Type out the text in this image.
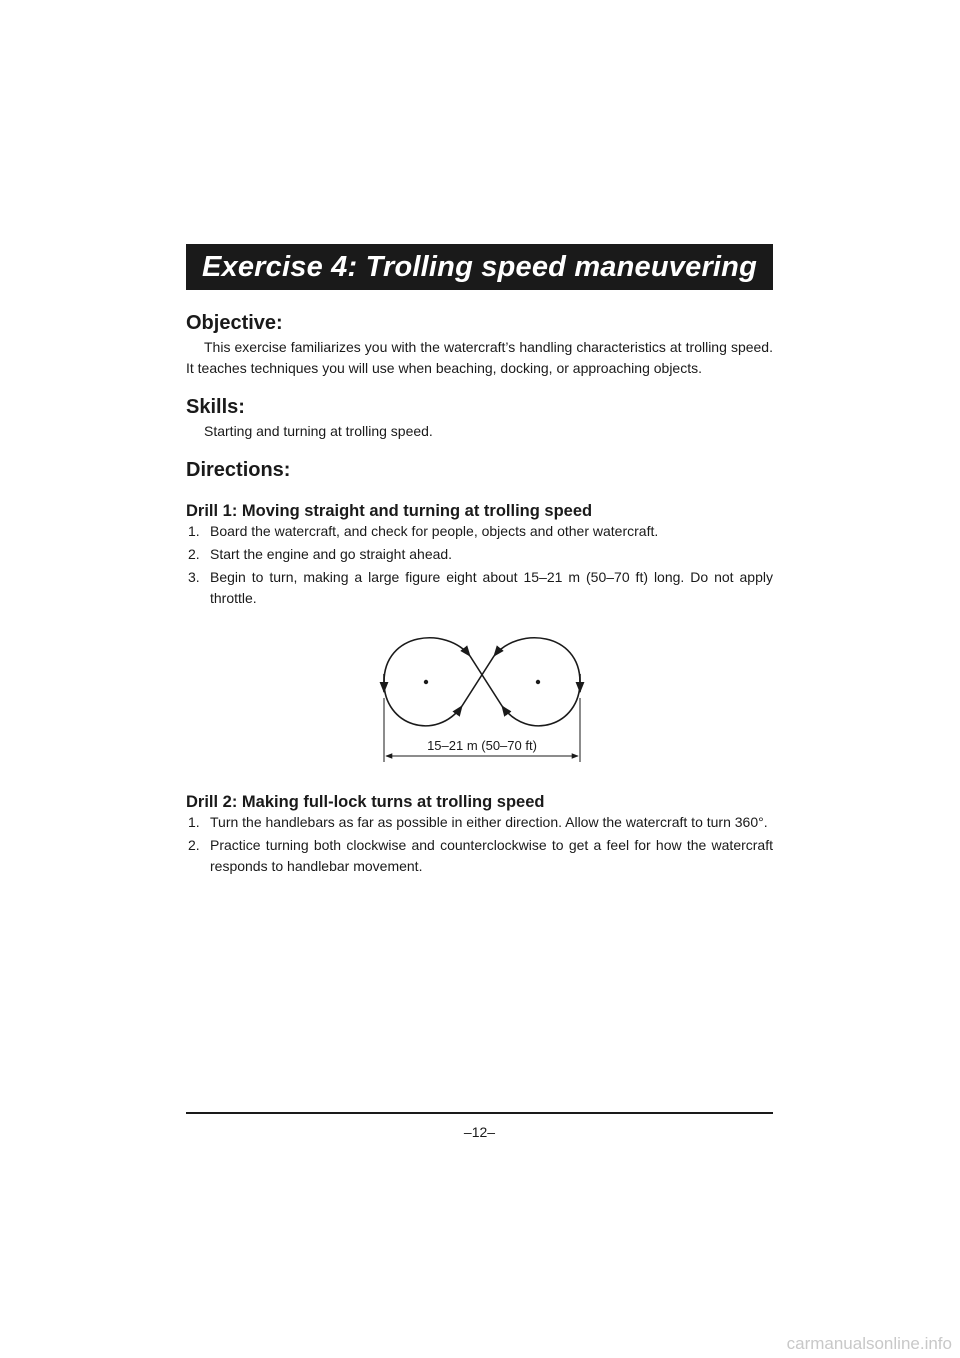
Exercise 4: Trolling speed maneuvering
Objective:

This exercise familiarizes you with the watercraft’s handling characteristics at trolling speed. It teaches techniques you will use when beaching, docking, or approaching objects.

Skills:

Starting and turning at trolling speed.

Directions:
Drill 1: Moving straight and turning at trolling speed
1. Board the watercraft, and check for people, objects and other watercraft.
2. Start the engine and go straight ahead.
3. Begin to turn, making a large figure eight about 15–21 m (50–70 ft) long. Do not apply throttle.
15–21 m (50–70 ft)
Drill 2: Making full-lock turns at trolling speed
1. Turn the handlebars as far as possible in either direction. Allow the watercraft to turn 360°.
2. Practice turning both clockwise and counterclockwise to get a feel for how the watercraft responds to handlebar movement.
–12–
carmanualsonline.info
